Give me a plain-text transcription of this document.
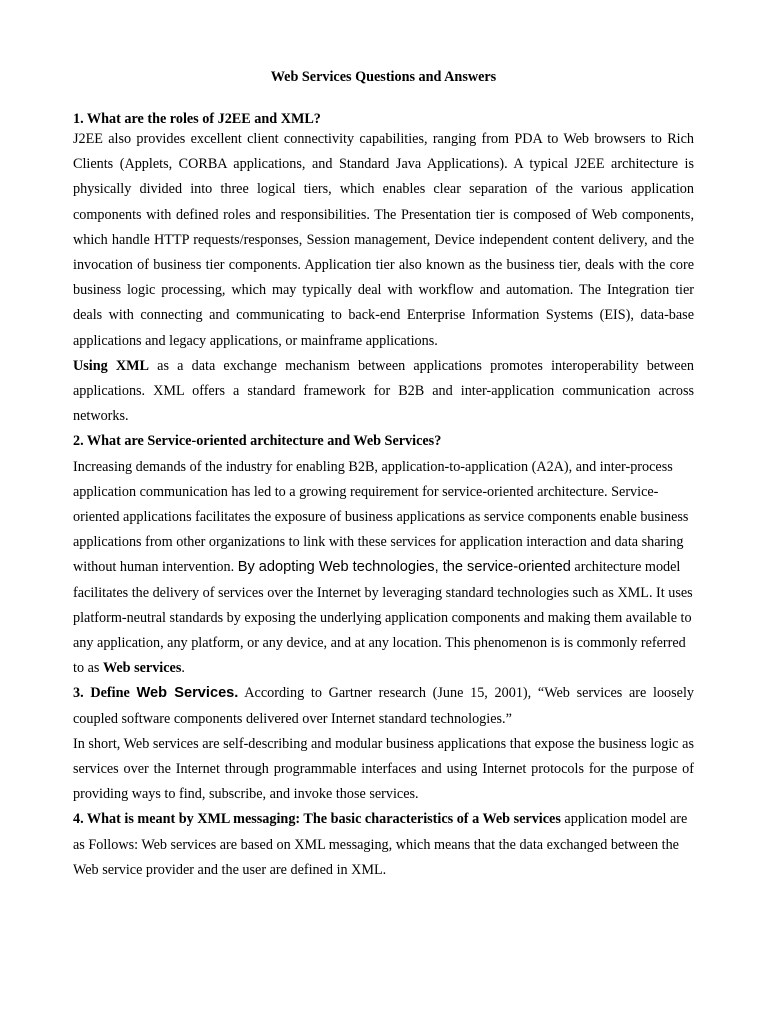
Web Services Questions and Answers
1. What are the roles of J2EE and XML?

J2EE also provides excellent client connectivity capabilities, ranging from PDA to Web browsers to Rich Clients (Applets, CORBA applications, and Standard Java Applications). A typical J2EE architecture is physically divided into three logical tiers, which enables clear separation of the various application components with defined roles and responsibilities. The Presentation tier is composed of Web components, which handle HTTP requests/responses, Session management, Device independent content delivery, and the invocation of business tier components. Application tier also known as the business tier, deals with the core business logic processing, which may typically deal with workflow and automation. The Integration tier deals with connecting and communicating to back-end Enterprise Information Systems (EIS), data-base applications and legacy applications, or mainframe applications.

Using XML as a data exchange mechanism between applications promotes interoperability between applications. XML offers a standard framework for B2B and inter-application communication across networks.

2. What are Service-oriented architecture and Web Services?

Increasing demands of the industry for enabling B2B, application-to-application (A2A), and inter-process application communication has led to a growing requirement for service-oriented architecture. Service-oriented applications facilitates the exposure of business applications as service components enable business applications from other organizations to link with these services for application interaction and data sharing without human intervention. By adopting Web technologies, the service-oriented architecture model facilitates the delivery of services over the Internet by leveraging standard technologies such as XML. It uses platform-neutral standards by exposing the underlying application components and making them available to any application, any platform, or any device, and at any location. This phenomenon is is commonly referred to as Web services.

3. Define Web Services. According to Gartner research (June 15, 2001), “Web services are loosely coupled software components delivered over Internet standard technologies.”

In short, Web services are self-describing and modular business applications that expose the business logic as services over the Internet through programmable interfaces and using Internet protocols for the purpose of providing ways to find, subscribe, and invoke those services.

4. What is meant by XML messaging: The basic characteristics of a Web services application model are as Follows: Web services are based on XML messaging, which means that the data exchanged between the Web service provider and the user are defined in XML.
